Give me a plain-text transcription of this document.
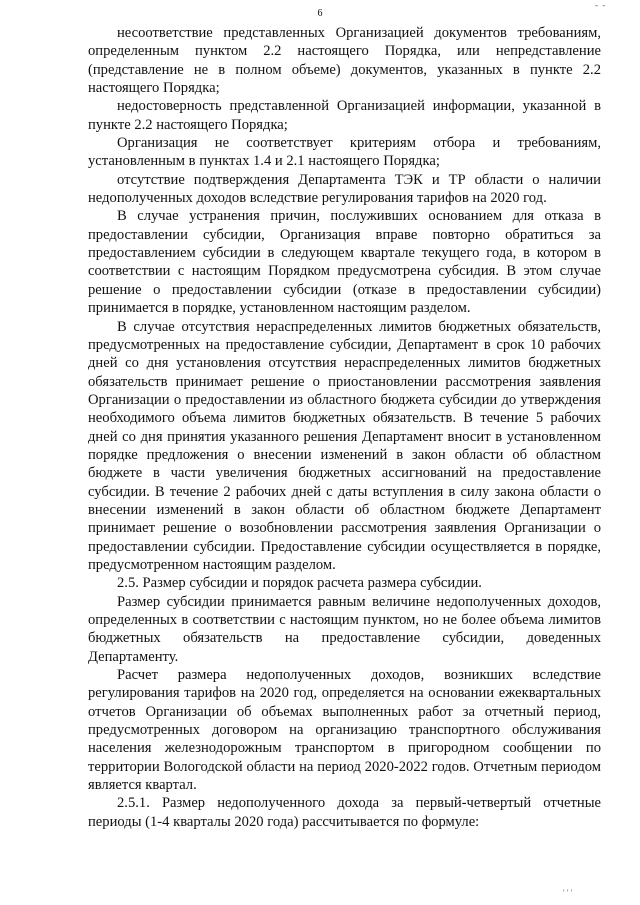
6
- -

несоответствие представленных Организацией документов требованиям, определенным пунктом 2.2 настоящего Порядка, или непредставление (представление не в полном объеме) документов, указанных в пункте 2.2 настоящего Порядка;

недостоверность представленной Организацией информации, указанной в пункте 2.2 настоящего Порядка;

Организация не соответствует критериям отбора и требованиям, установленным в пунктах 1.4 и 2.1 настоящего Порядка;

отсутствие подтверждения Департамента ТЭК и ТР области о наличии недополученных доходов вследствие регулирования тарифов на 2020 год.

В случае устранения причин, послуживших основанием для отказа в предоставлении субсидии, Организация вправе повторно обратиться за предоставлением субсидии в следующем квартале текущего года, в котором в соответствии с настоящим Порядком предусмотрена субсидия. В этом случае решение о предоставлении субсидии (отказе в предоставлении субсидии) принимается в порядке, установленном настоящим разделом.

В случае отсутствия нераспределенных лимитов бюджетных обязательств, предусмотренных на предоставление субсидии, Департамент в срок 10 рабочих дней со дня установления отсутствия нераспределенных лимитов бюджетных обязательств принимает решение о приостановлении рассмотрения заявления Организации о предоставлении из областного бюджета субсидии до утверждения необходимого объема лимитов бюджетных обязательств. В течение 5 рабочих дней со дня принятия указанного решения Департамент вносит в установленном порядке предложения о внесении изменений в закон области об областном бюджете в части увеличения бюджетных ассигнований на предоставление субсидии. В течение 2 рабочих дней с даты вступления в силу закона области о внесении изменений в закон области об областном бюджете Департамент принимает решение о возобновлении рассмотрения заявления Организации о предоставлении субсидии. Предоставление субсидии осуществляется в порядке, предусмотренном настоящим разделом.

2.5. Размер субсидии и порядок расчета размера субсидии.

Размер субсидии принимается равным величине недополученных доходов, определенных в соответствии с настоящим пунктом, но не более объема лимитов бюджетных обязательств на предоставление субсидии, доведенных Департаменту.

Расчет размера недополученных доходов, возникших вследствие регулирования тарифов на 2020 год, определяется на основании ежеквартальных отчетов Организации об объемах выполненных работ за отчетный период, предусмотренных договором на организацию транспортного обслуживания населения железнодорожным транспортом в пригородном сообщении по территории Вологодской области на период 2020-2022 годов. Отчетным периодом является квартал.

2.5.1. Размер недополученного дохода за первый-четвертый отчетные периоды (1-4 кварталы 2020 года) рассчитывается по формуле:

' ' '
